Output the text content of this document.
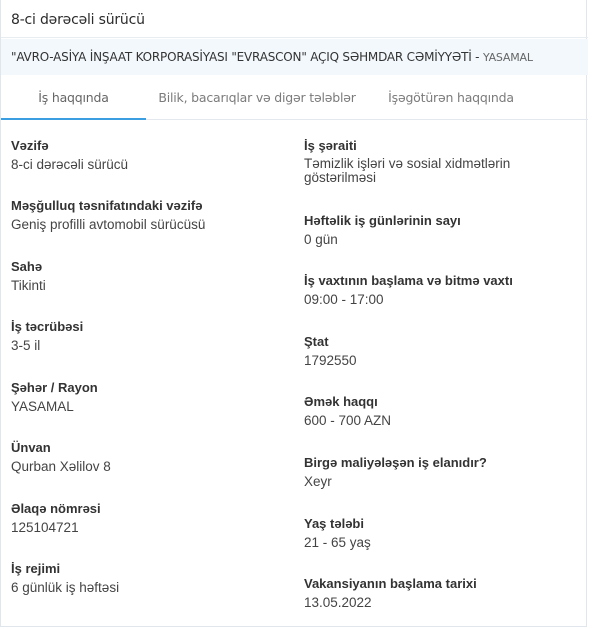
8-ci dərəcəli sürücü
"AVRO-ASİYA İNŞAAT KORPORASİYASI "EVRASCON" AÇIQ SƏHMDAR CƏMİYYƏTİ - YASAMAL
İş haqqında	Bilik, bacarıqlar və digər tələblər	İşəgötürən haqqında
Vəzifə
8-ci dərəcəli sürücü
Məşğulluq təsnifatındaki vəzifə
Geniş profilli avtomobil sürücüsü
Sahə
Tikinti
İş təcrübəsi
3-5 il
Şəhər / Rayon
YASAMAL
Ünvan
Qurban Xəlilov 8
Əlaqə nömrəsi
125104721
İş rejimi
6 günlük iş həftəsi
İş şəraiti
Təmizlik işləri və sosial xidmətlərin göstərilməsi
Həftəlik iş günlərinin sayı
0 gün
İş vaxtının başlama və bitmə vaxtı
09:00 - 17:00
Ştat
1792550
Əmək haqqı
600 - 700 AZN
Birgə maliyələşən iş elanıdır?
Xeyr
Yaş tələbi
21 - 65 yaş
Vakansiyanın başlama tarixi
13.05.2022
